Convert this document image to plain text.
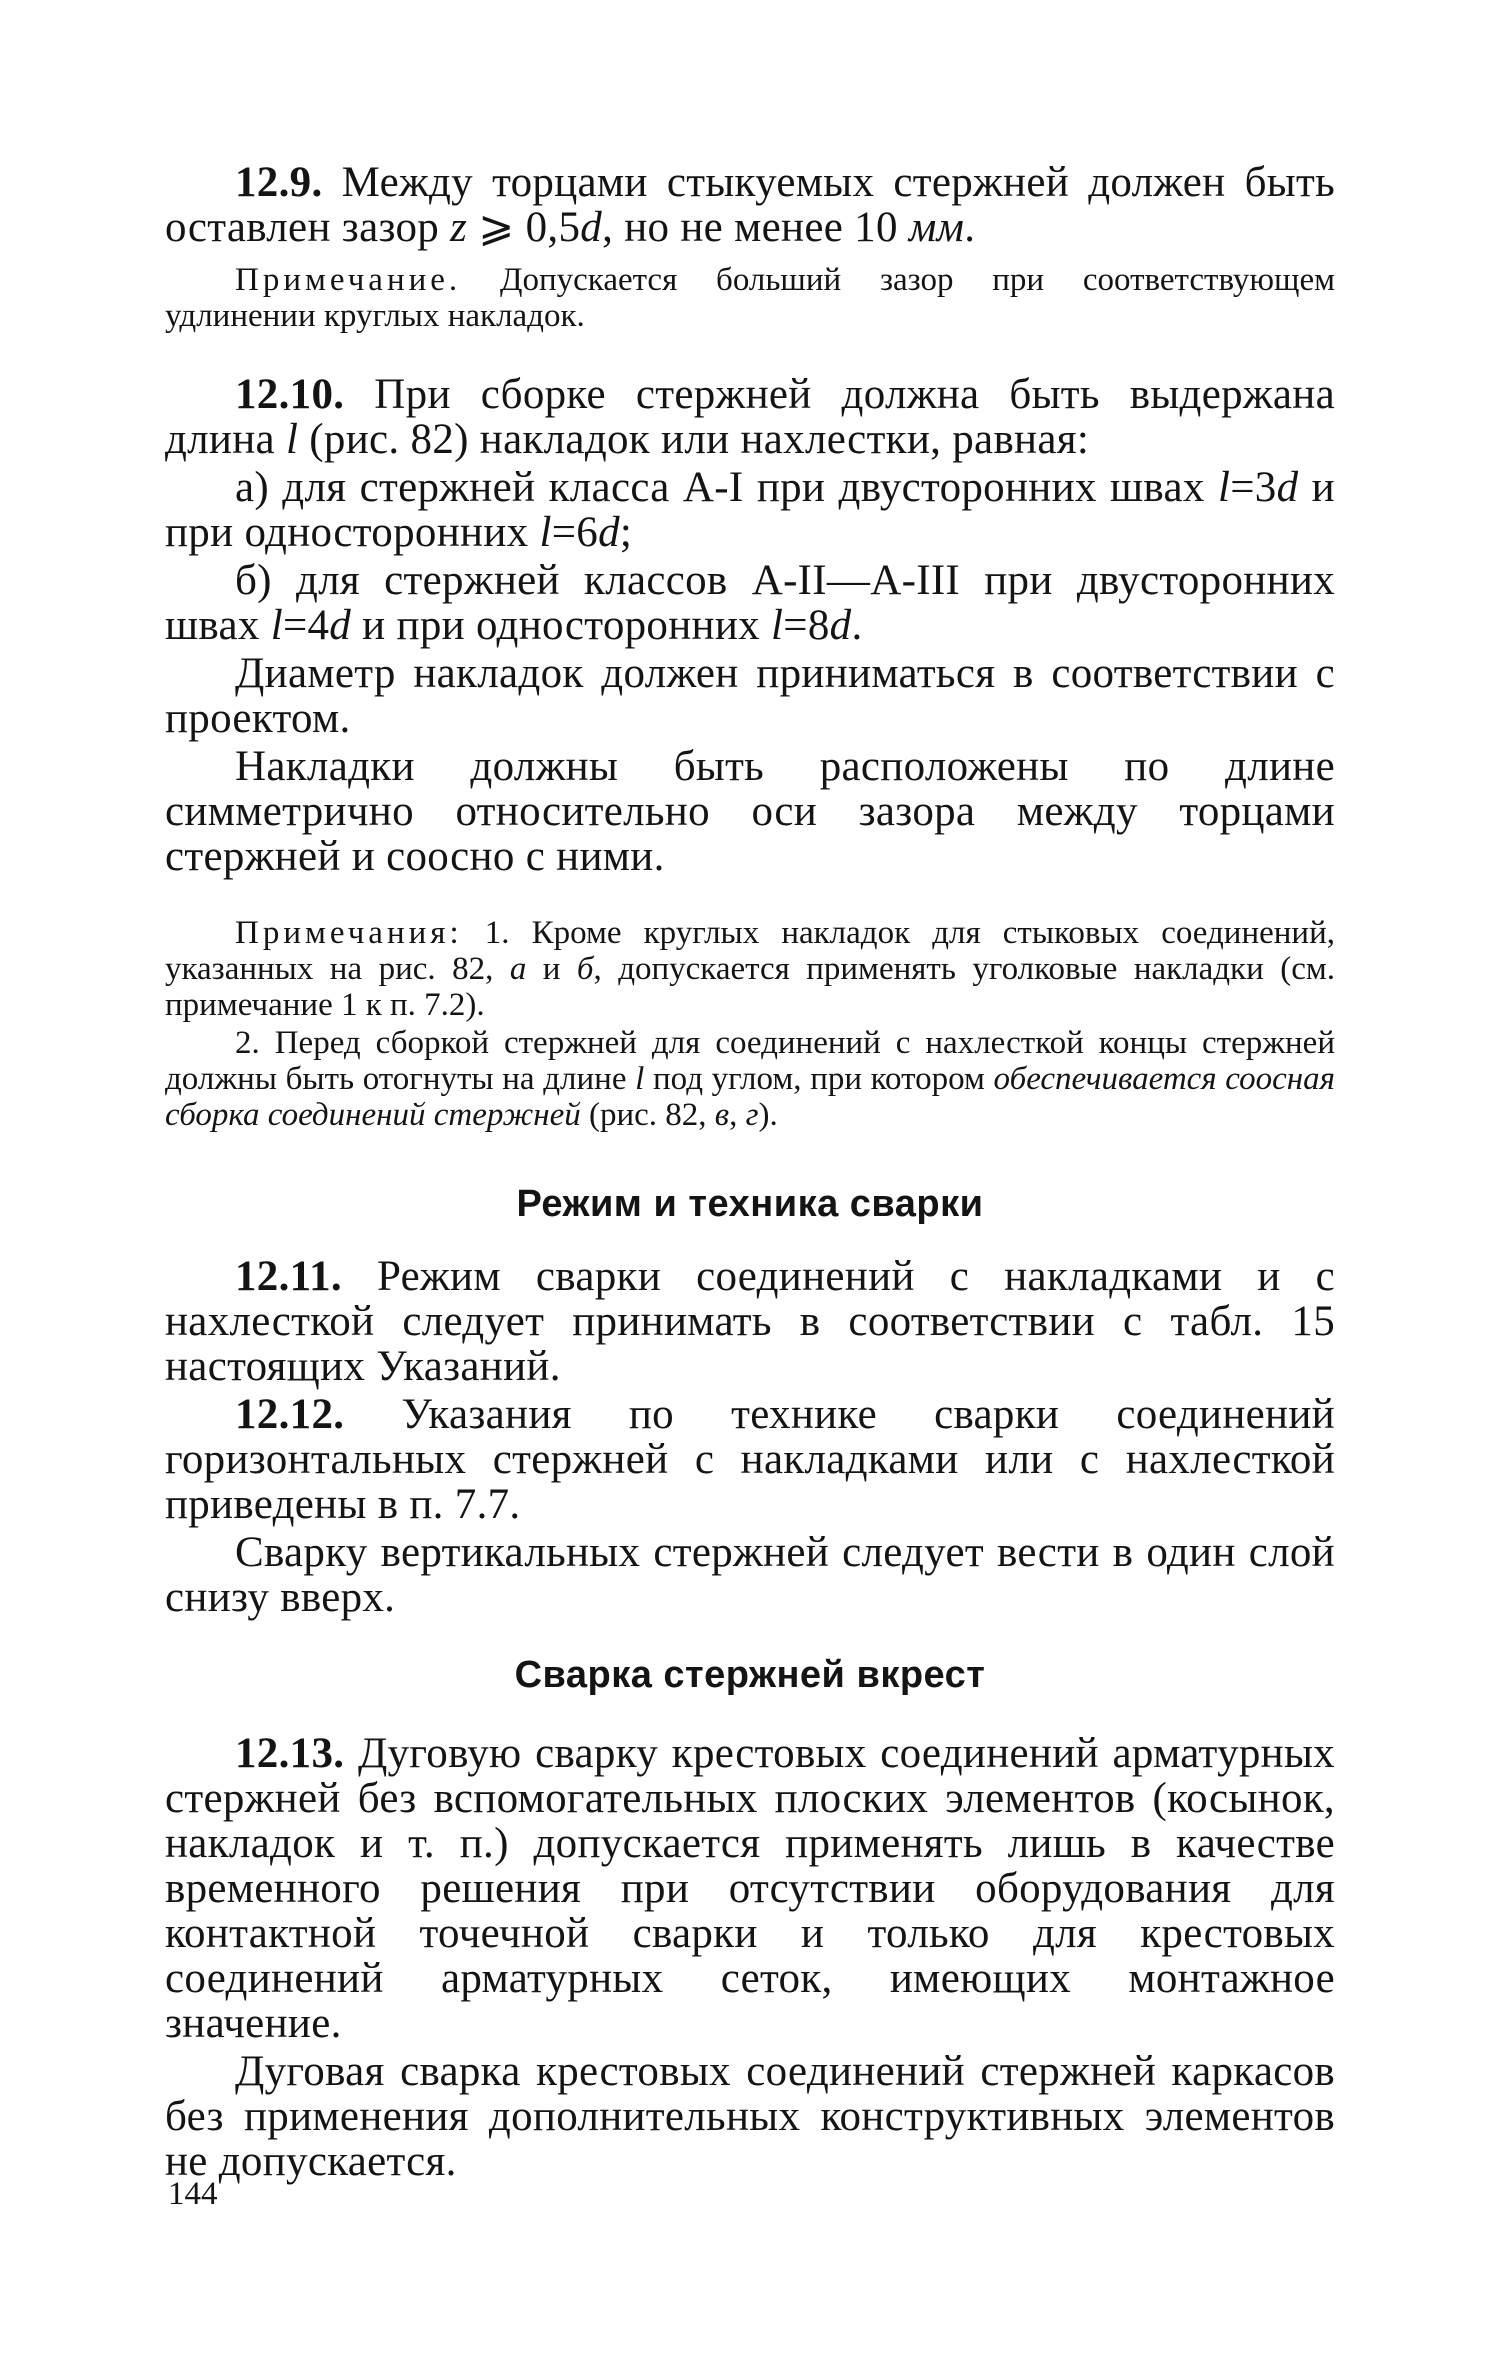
12.9. Между торцами стыкуемых стержней должен быть оставлен зазор z ⩾ 0,5d, но не менее 10 мм.

Примечание. Допускается больший зазор при соответствующем удлинении круглых накладок.

12.10. При сборке стержней должна быть выдержана длина l (рис. 82) накладок или нахлестки, равная:

а) для стержней класса А-I при двусторонних швах l=3d и при односторонних l=6d;

б) для стержней классов А-II—А-III при двусторонних швах l=4d и при односторонних l=8d.

Диаметр накладок должен приниматься в соответствии с проектом.

Накладки должны быть расположены по длине симметрично относительно оси зазора между торцами стержней и соосно с ними.

Примечания: 1. Кроме круглых накладок для стыковых соединений, указанных на рис. 82, а и б, допускается применять уголковые накладки (см. примечание 1 к п. 7.2).

2. Перед сборкой стержней для соединений с нахлесткой концы стержней должны быть отогнуты на длине l под углом, при котором обеспечивается соосная сборка соединений стержней (рис. 82, в, г).

Режим и техника сварки

12.11. Режим сварки соединений с накладками и с нахлесткой следует принимать в соответствии с табл. 15 настоящих Указаний.

12.12. Указания по технике сварки соединений горизонтальных стержней с накладками или с нахлесткой приведены в п. 7.7.

Сварку вертикальных стержней следует вести в один слой снизу вверх.

Сварка стержней вкрест

12.13. Дуговую сварку крестовых соединений арматурных стержней без вспомогательных плоских элементов (косынок, накладок и т. п.) допускается применять лишь в качестве временного решения при отсутствии оборудования для контактной точечной сварки и только для крестовых соединений арматурных сеток, имеющих монтажное значение.

Дуговая сварка крестовых соединений стержней каркасов без применения дополнительных конструктивных элементов не допускается.

144
